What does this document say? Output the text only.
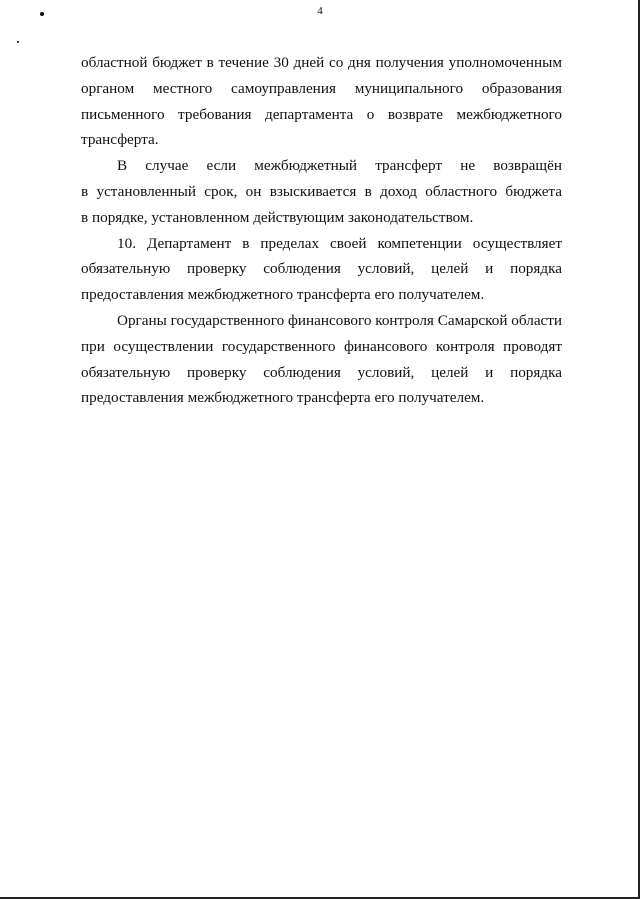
4
областной бюджет в течение 30 дней со дня получения уполномоченным
органом местного самоуправления муниципального образования
письменного требования департамента о возврате межбюджетного
трансферта.
В случае если межбюджетный трансферт не возвращён
в установленный срок, он взыскивается в доход областного бюджета
в порядке, установленном действующим законодательством.
10. Департамент в пределах своей компетенции осуществляет
обязательную проверку соблюдения условий, целей и порядка
предоставления межбюджетного трансферта его получателем.
Органы государственного финансового контроля Самарской области
при осуществлении государственного финансового контроля проводят
обязательную проверку соблюдения условий, целей и порядка
предоставления межбюджетного трансферта его получателем.
